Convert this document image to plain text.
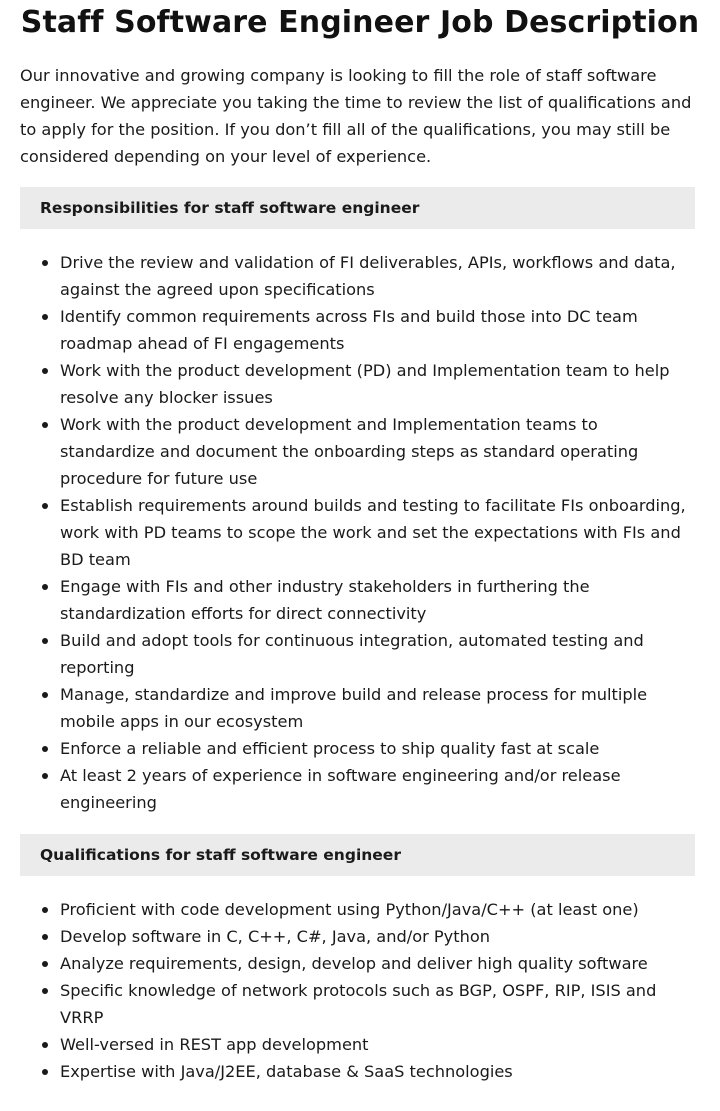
Staff Software Engineer Job Description

Our innovative and growing company is looking to fill the role of staff software engineer. We appreciate you taking the time to review the list of qualifications and to apply for the position. If you don’t fill all of the qualifications, you may still be considered depending on your level of experience.

Responsibilities for staff software engineer
Drive the review and validation of FI deliverables, APIs, workflows and data, against the agreed upon specifications
Identify common requirements across FIs and build those into DC team roadmap ahead of FI engagements
Work with the product development (PD) and Implementation team to help resolve any blocker issues
Work with the product development and Implementation teams to standardize and document the onboarding steps as standard operating procedure for future use
Establish requirements around builds and testing to facilitate FIs onboarding, work with PD teams to scope the work and set the expectations with FIs and BD team
Engage with FIs and other industry stakeholders in furthering the standardization efforts for direct connectivity
Build and adopt tools for continuous integration, automated testing and reporting
Manage, standardize and improve build and release process for multiple mobile apps in our ecosystem
Enforce a reliable and efficient process to ship quality fast at scale
At least 2 years of experience in software engineering and/or release engineering
Qualifications for staff software engineer
Proficient with code development using Python/Java/C++ (at least one)
Develop software in C, C++, C#, Java, and/or Python
Analyze requirements, design, develop and deliver high quality software
Specific knowledge of network protocols such as BGP, OSPF, RIP, ISIS and VRRP
Well-versed in REST app development
Expertise with Java/J2EE, database & SaaS technologies
